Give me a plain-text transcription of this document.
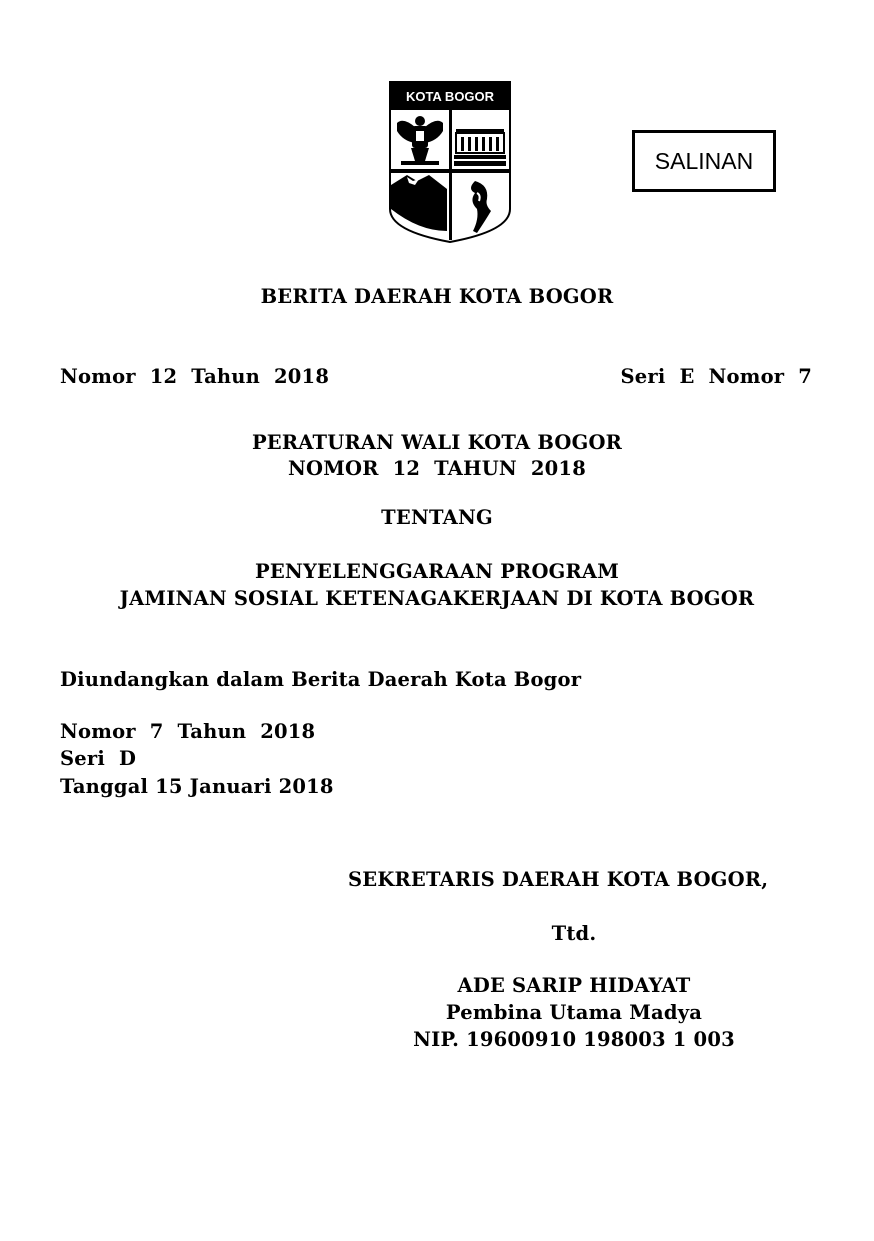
KOTA BOGOR
SALINAN
BERITA DAERAH KOTA BOGOR
Nomor  12  Tahun  2018	Seri  E  Nomor  7
PERATURAN WALI KOTA BOGOR
NOMOR  12  TAHUN  2018
TENTANG
PENYELENGGARAAN PROGRAM
JAMINAN SOSIAL KETENAGAKERJAAN DI KOTA BOGOR
Diundangkan dalam Berita Daerah Kota Bogor
Nomor  7  Tahun  2018
Seri  D
Tanggal 15 Januari 2018
SEKRETARIS DAERAH KOTA BOGOR,
Ttd.
ADE SARIP HIDAYAT
Pembina Utama Madya
NIP. 19600910 198003 1 003
